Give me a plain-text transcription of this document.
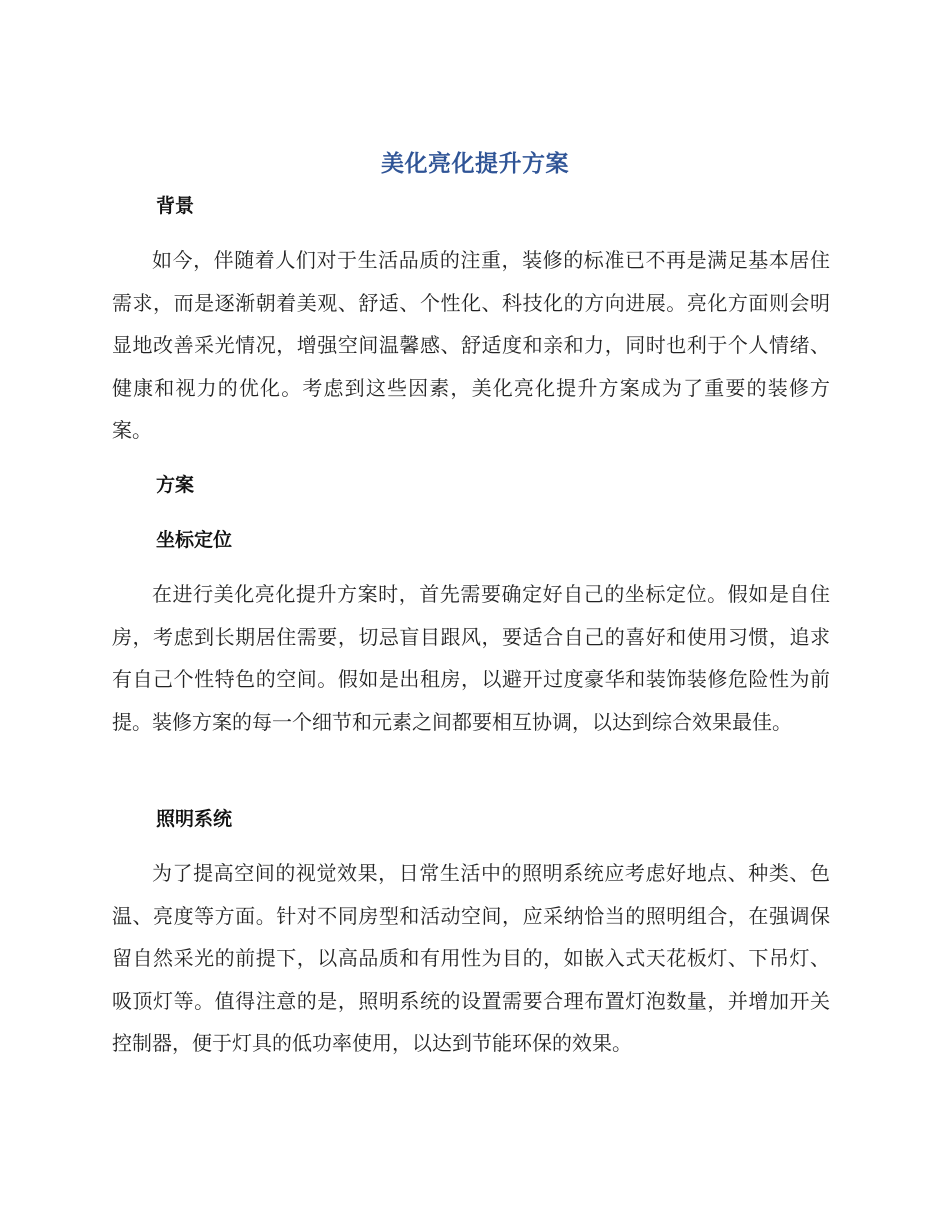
美化亮化提升方案
背景
如今，伴随着人们对于生活品质的注重，装修的标准已不再是满足基本居住需求，而是逐渐朝着美观、舒适、个性化、科技化的方向进展。亮化方面则会明显地改善采光情况，增强空间温馨感、舒适度和亲和力，同时也利于个人情绪、健康和视力的优化。考虑到这些因素，美化亮化提升方案成为了重要的装修方案。
方案
坐标定位
在进行美化亮化提升方案时，首先需要确定好自己的坐标定位。假如是自住房，考虑到长期居住需要，切忌盲目跟风，要适合自己的喜好和使用习惯，追求有自己个性特色的空间。假如是出租房，以避开过度豪华和装饰装修危险性为前提。装修方案的每一个细节和元素之间都要相互协调，以达到综合效果最佳。
照明系统
为了提高空间的视觉效果，日常生活中的照明系统应考虑好地点、种类、色温、亮度等方面。针对不同房型和活动空间，应采纳恰当的照明组合，在强调保留自然采光的前提下，以高品质和有用性为目的，如嵌入式天花板灯、下吊灯、吸顶灯等。值得注意的是，照明系统的设置需要合理布置灯泡数量，并增加开关控制器，便于灯具的低功率使用，以达到节能环保的效果。
